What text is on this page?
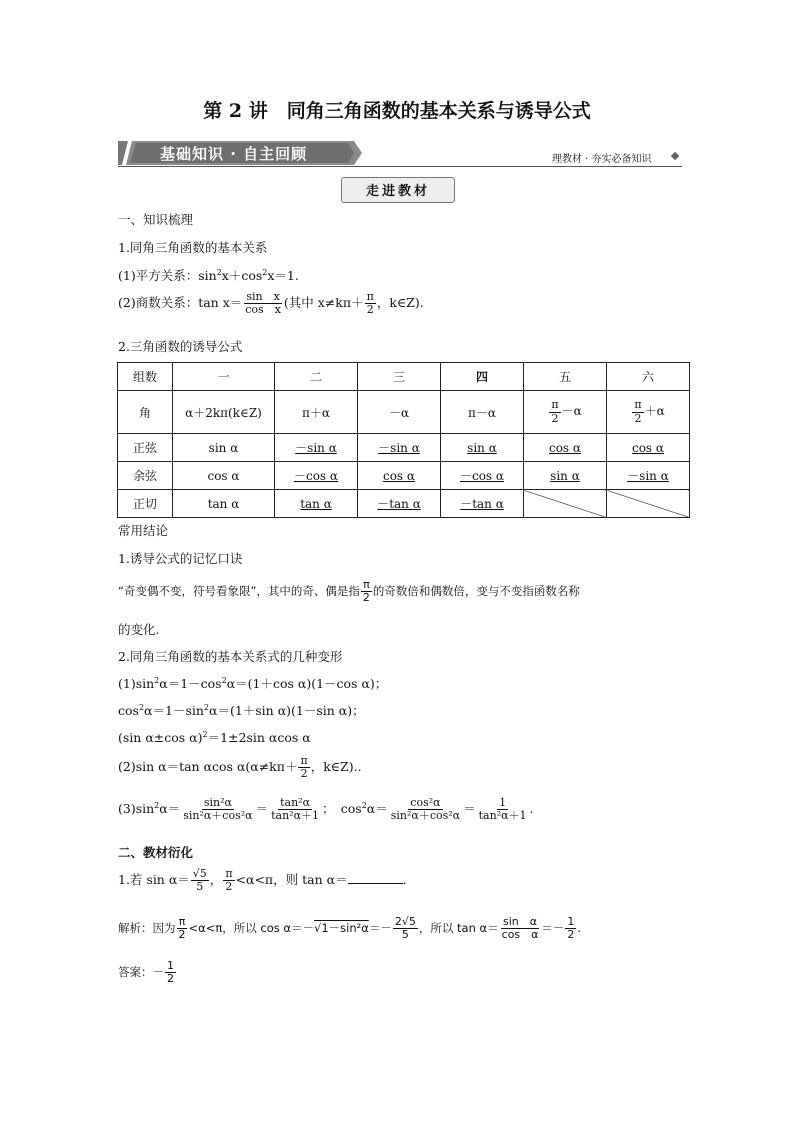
第 2 讲　同角三角函数的基本关系与诱导公式
基础知识 · 自主回顾	理教材 · 夯实必备知识
走进教材
一、知识梳理
1.同角三角函数的基本关系
(1)平方关系：$\sin^2x+\cos^2x=1$.
(2)商数关系：$\tan x= \frac{\text{sin　x}}{\text{cos　x}}$ (其中 $x\ne k\pi+ \frac{\pi}{2}$ ，k∈Z).
2.三角函数的诱导公式
组数	一	二	三	四	五	六
角	α＋2kπ(k∈Z)	π＋α	－α	π－α	$\frac{\pi}{2} -\alpha$	$\frac{\pi}{2} +\alpha$
正弦	sin α	－sin α	－sin α	sin α	cos α	cos α
余弦	cos α	－cos α	cos α	－cos α	sin α	－sin α
正切	tan α	tan α	－tan α	－tan α		
常用结论
1.诱导公式的记忆口诀
“奇变偶不变，符号看象限”，其中的奇、偶是指 $\frac{\pi}{2}$ 的奇数倍和偶数倍，变与不变指函数名称
的变化.
2.同角三角函数的基本关系式的几种变形
$(1)\sin^2\alpha=1-\cos^2\alpha=(1+\cos$ α)(1－cos α)；
$\cos^2\alpha=1-\sin^2\alpha=(1+\sin$ α)(1－sin α)；
(sin α±cos α)$^2$＝1±2sin αcos α
(2)sin α＝tan αcos $\alpha(\alpha\ne k\pi+ \frac{\pi}{2}$ ，k∈Z)..
$(3)\sin^2\alpha= \frac{\text{sin²α}}{\text{sin²α＋cos²α}} = \frac{\text{tan²α}}{\text{tan²α＋1}}$ ；　$\cos^2\alpha= \frac{\text{cos²α}}{\text{sin²α＋cos²α}} = \frac{1}{\text{tan²α＋1}}$ .
二、教材衍化
1.若 $\sin \alpha= \frac{√5}{5}$ ， $\frac{\pi}{2} <\alpha<\pi$，则 tan α＝	.
解析：因为 $\frac{\pi}{2} <\alpha<\pi$，所以 $\cos \alpha=-√1-\sin^2\alpha=- \frac{2√5}{5}$ ，所以 $\tan \alpha= \frac{\text{sin　α}}{\text{cos　α}} =- \frac{1}{2}$ .
答案：－ $\frac{1}{2}$
